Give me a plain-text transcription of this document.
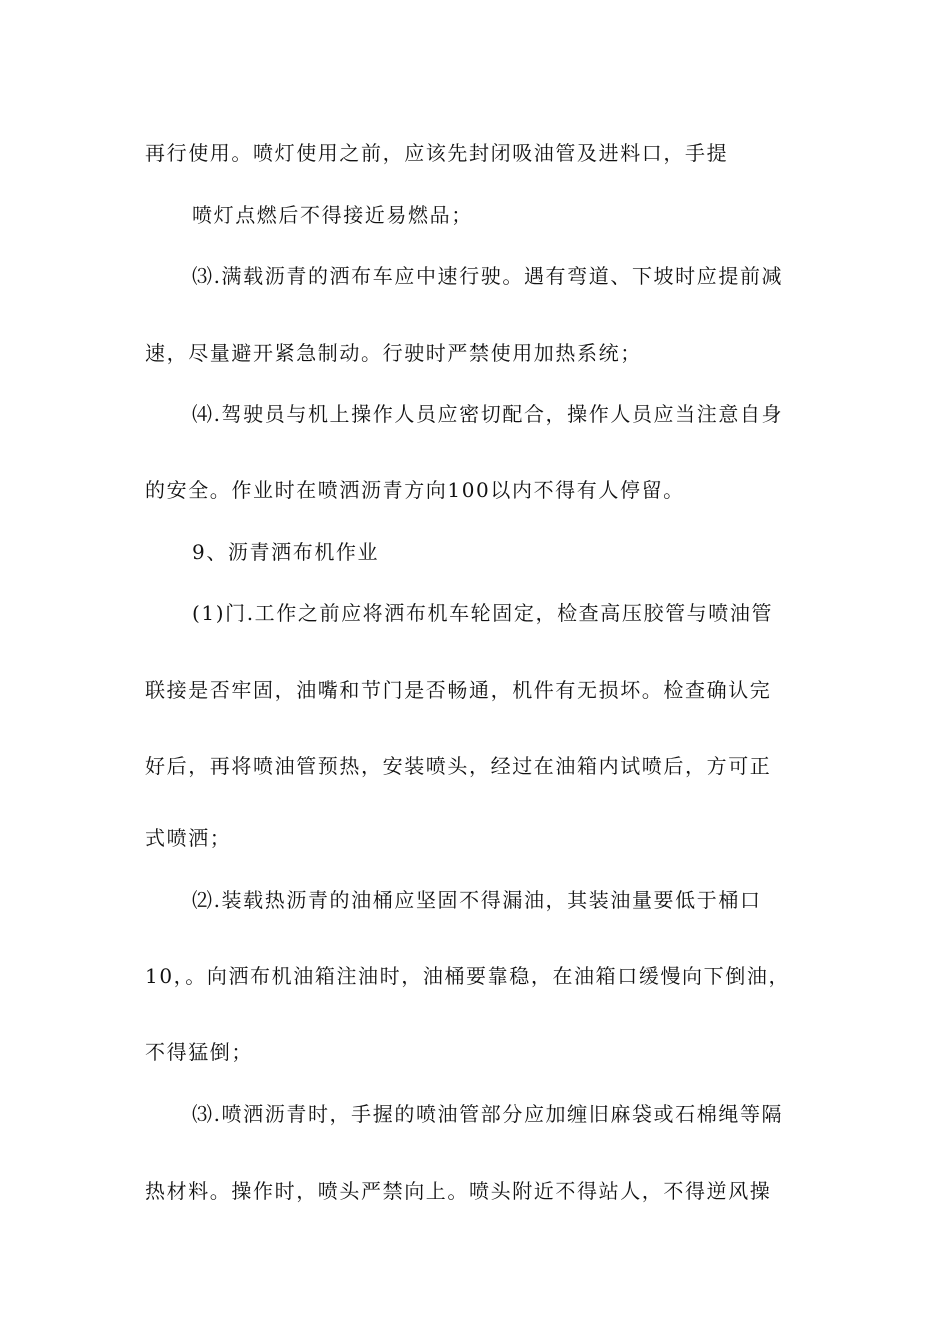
再行使用。喷灯使用之前，应该先封闭吸油管及进料口，手提
喷灯点燃后不得接近易燃品；
⑶.满载沥青的洒布车应中速行驶。遇有弯道、下坡时应提前减
速，尽量避开紧急制动。行驶时严禁使用加热系统；
⑷.驾驶员与机上操作人员应密切配合，操作人员应当注意自身
的安全。作业时在喷洒沥青方向100以内不得有人停留。
9、沥青洒布机作业
(1)门.工作之前应将洒布机车轮固定，检查高压胶管与喷油管
联接是否牢固，油嘴和节门是否畅通，机件有无损坏。检查确认完
好后，再将喷油管预热，安装喷头，经过在油箱内试喷后，方可正
式喷洒；
⑵.装载热沥青的油桶应坚固不得漏油，其装油量要低于桶口
10，。向洒布机油箱注油时，油桶要靠稳，在油箱口缓慢向下倒油，
不得猛倒；
⑶.喷洒沥青时，手握的喷油管部分应加缠旧麻袋或石棉绳等隔
热材料。操作时，喷头严禁向上。喷头附近不得站人，不得逆风操
